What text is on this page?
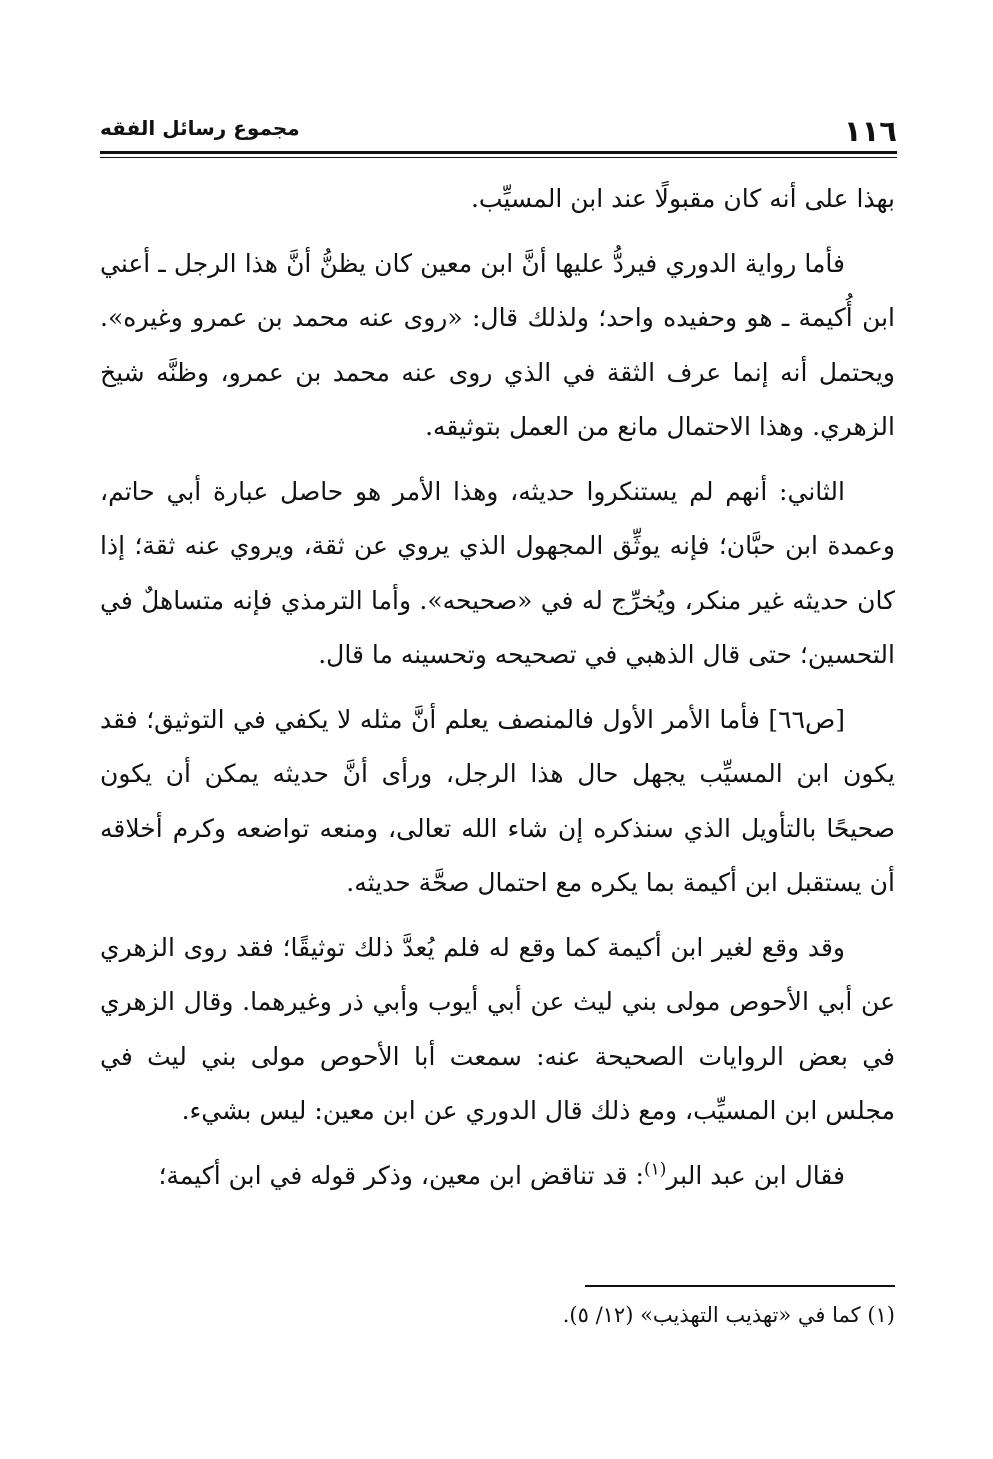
١١٦
مجموع رسائل الفقه

بهذا على أنه كان مقبولًا عند ابن المسيِّب.

فأما رواية الدوري فيردُّ عليها أنَّ ابن معين كان يظنُّ أنَّ هذا الرجل ـ أعني ابن أُكيمة ـ هو وحفيده واحد؛ ولذلك قال: «روى عنه محمد بن عمرو وغيره». ويحتمل أنه إنما عرف الثقة في الذي روى عنه محمد بن عمرو، وظنَّه شيخ الزهري. وهذا الاحتمال مانع من العمل بتوثيقه.

الثاني: أنهم لم يستنكروا حديثه، وهذا الأمر هو حاصل عبارة أبي حاتم، وعمدة ابن حبَّان؛ فإنه يوثِّق المجهول الذي يروي عن ثقة، ويروي عنه ثقة؛ إذا كان حديثه غير منكر، ويُخرِّج له في «صحيحه». وأما الترمذي فإنه متساهلٌ في التحسين؛ حتى قال الذهبي في تصحيحه وتحسينه ما قال.

[ص٦٦] فأما الأمر الأول فالمنصف يعلم أنَّ مثله لا يكفي في التوثيق؛ فقد يكون ابن المسيِّب يجهل حال هذا الرجل، ورأى أنَّ حديثه يمكن أن يكون صحيحًا بالتأويل الذي سنذكره إن شاء الله تعالى، ومنعه تواضعه وكرم أخلاقه أن يستقبل ابن أكيمة بما يكره مع احتمال صحَّة حديثه.

وقد وقع لغير ابن أكيمة كما وقع له فلم يُعدَّ ذلك توثيقًا؛ فقد روى الزهري عن أبي الأحوص مولى بني ليث عن أبي أيوب وأبي ذر وغيرهما. وقال الزهري في بعض الروايات الصحيحة عنه: سمعت أبا الأحوص مولى بني ليث في مجلس ابن المسيِّب، ومع ذلك قال الدوري عن ابن معين: ليس بشيء.

فقال ابن عبد البر$^{(١)}$: قد تناقض ابن معين، وذكر قوله في ابن أكيمة؛

(١) كما في «تهذيب التهذيب» (١٢/ ٥).
